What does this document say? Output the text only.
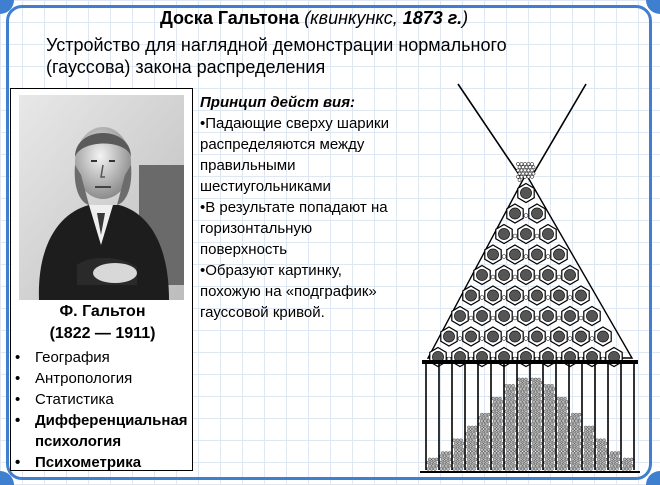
Доска Гальтона (квинкункс, 1873 г.)
Устройство для наглядной демонстрации нормального (гауссова) закона распределения
Ф. Гальтон
(1822 — 1911)
• География
• Антропология
• Статистика
• Дифференциальная психология
• Психометрика
Принцип дейст вия:

•Падающие сверху шарики распределяются между правильными шестиугольниками

•В результате попадают на горизонтальную поверхность

•Образуют картинку, похожую на «подграфик» гауссовой кривой.
